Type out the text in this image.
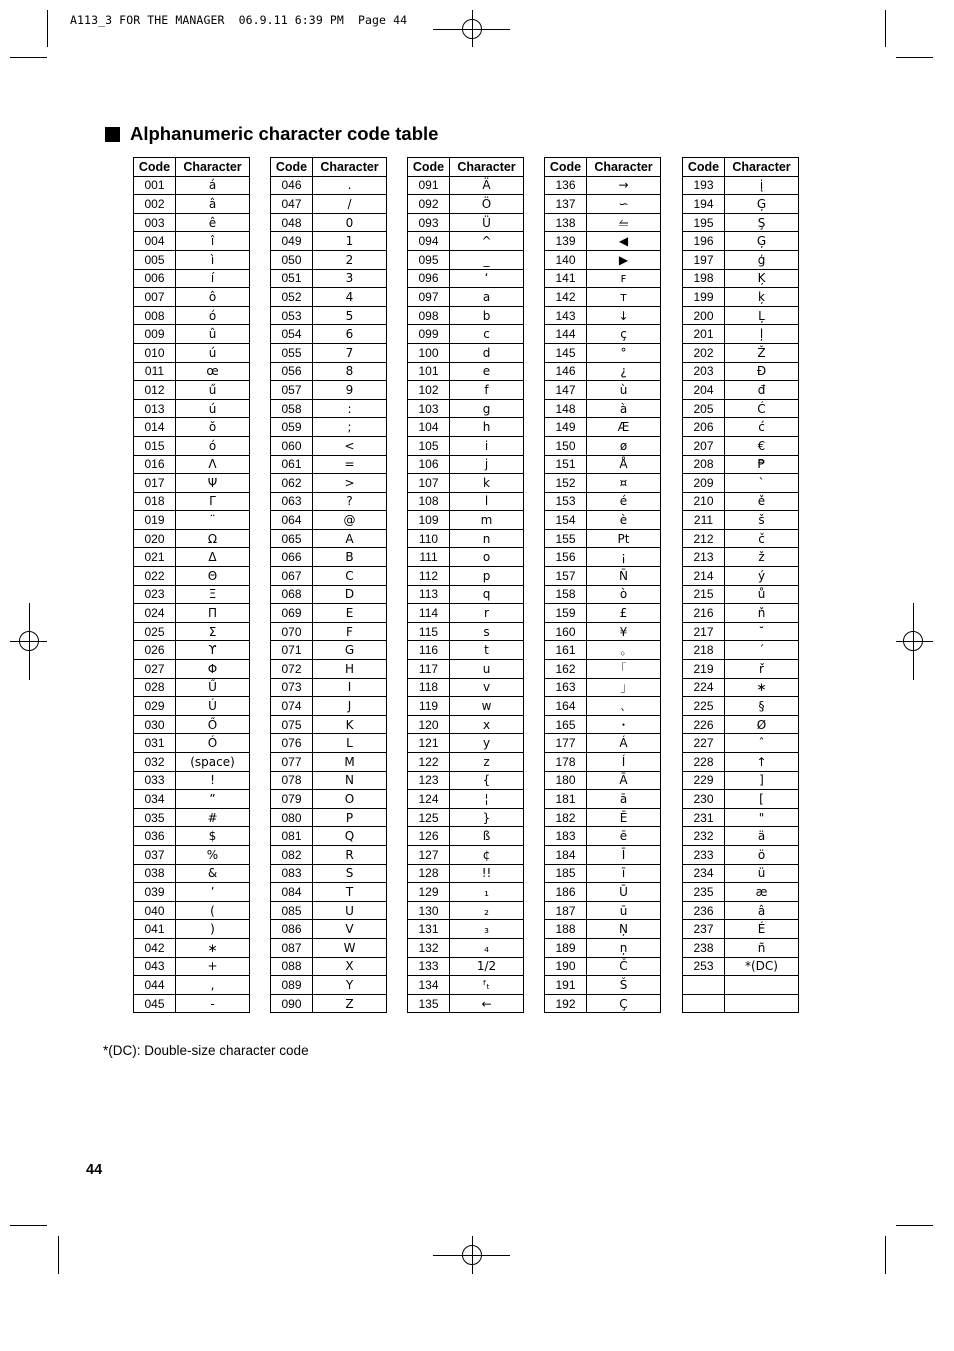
A113_3 FOR THE MANAGER  06.9.11 6:39 PM  Page 44
Alphanumeric character code table
Code	Character
001	á
002	â
003	ê
004	î
005	ì
006	í
007	ô
008	ó
009	û
010	ú
011	œ
012	ű
013	ú
014	ŏ
015	ó
016	Λ
017	Ψ
018	Γ
019	¨
020	Ω
021	Δ
022	Θ
023	Ξ
024	Π
025	Σ
026	ϒ
027	Φ
028	Ű
029	Ú
030	Ő
031	Ó
032	(space)
033	!
034	”
035	#
036	$
037	%
038	&
039	’
040	(
041	)
042	∗
043	+
044	,
045	-
Code	Character
046	.
047	/
048	0
049	1
050	2
051	3
052	4
053	5
054	6
055	7
056	8
057	9
058	:
059	;
060	<
061	=
062	>
063	?
064	@
065	A
066	B
067	C
068	D
069	E
070	F
071	G
072	H
073	I
074	J
075	K
076	L
077	M
078	N
079	O
080	P
081	Q
082	R
083	S
084	T
085	U
086	V
087	W
088	X
089	Y
090	Z
Code	Character
091	Ä
092	Ö
093	Ü
094	^
095	_
096	‘
097	a
098	b
099	c
100	d
101	e
102	f
103	g
104	h
105	i
106	j
107	k
108	l
109	m
110	n
111	o
112	p
113	q
114	r
115	s
116	t
117	u
118	v
119	w
120	x
121	y
122	z
123	{
124	¦
125	}
126	ß
127	¢
128	!!
129	₁
130	₂
131	₃
132	₄
133	1/2
134	ᶠₜ
135	←
Code	Character
136	→
137	∽
138	⥪
139	◀
140	▶
141	ꜰ
142	ᴛ
143	↓
144	ç
145	°
146	¿
147	ù
148	à
149	Æ
150	ø
151	Å
152	¤
153	é
154	è
155	Pt
156	¡
157	Ñ
158	ò
159	£
160	¥
161	｡
162	｢
163	｣
164	､
165	･
177	Á
178	Í
180	Ā
181	ā
182	Ē
183	ē
184	Ī
185	ī
186	Ū
187	ū
188	Ņ
189	ņ
190	Č
191	Š
192	Ç
Code	Character
193	į
194	Ģ
195	Ş
196	Ģ
197	ģ
198	Ķ
199	ķ
200	Ļ
201	ļ
202	Ž
203	Đ
204	đ
205	Ć
206	ć
207	€
208	₱
209	`
210	ě
211	š
212	č
213	ž
214	ý
215	ů
216	ň
217	˘
218	´
219	ř
224	∗
225	§
226	Ø
227	ˆ
228	↑
229	]
230	[
231	"
232	ä
233	ö
234	ü
235	æ
236	â
237	É
238	ñ
253	*(DC)

*(DC): Double-size character code
44
